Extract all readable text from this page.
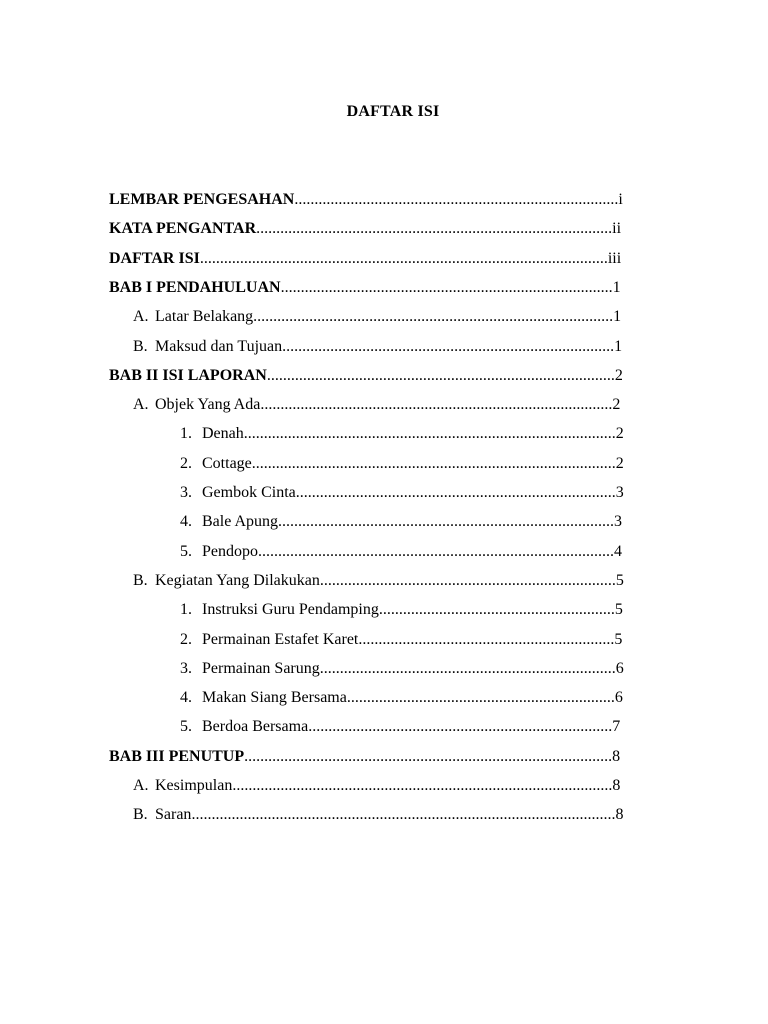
DAFTAR ISI
LEMBAR PENGESAHAN.................................................................................i
KATA PENGANTAR.........................................................................................ii
DAFTAR ISI......................................................................................................iii
BAB I PENDAHULUAN...................................................................................1
A. Latar Belakang..........................................................................................1
B. Maksud dan Tujuan...................................................................................1
BAB II ISI LAPORAN.......................................................................................2
A. Objek Yang Ada........................................................................................2
1. Denah.............................................................................................2
2. Cottage...........................................................................................2
3. Gembok Cinta................................................................................3
4. Bale Apung....................................................................................3
5. Pendopo.........................................................................................4
B. Kegiatan Yang Dilakukan..........................................................................5
1. Instruksi Guru Pendamping...........................................................5
2. Permainan Estafet Karet................................................................5
3. Permainan Sarung..........................................................................6
4. Makan Siang Bersama...................................................................6
5. Berdoa Bersama............................................................................7
BAB III PENUTUP............................................................................................8
A. Kesimpulan...............................................................................................8
B. Saran..........................................................................................................8
